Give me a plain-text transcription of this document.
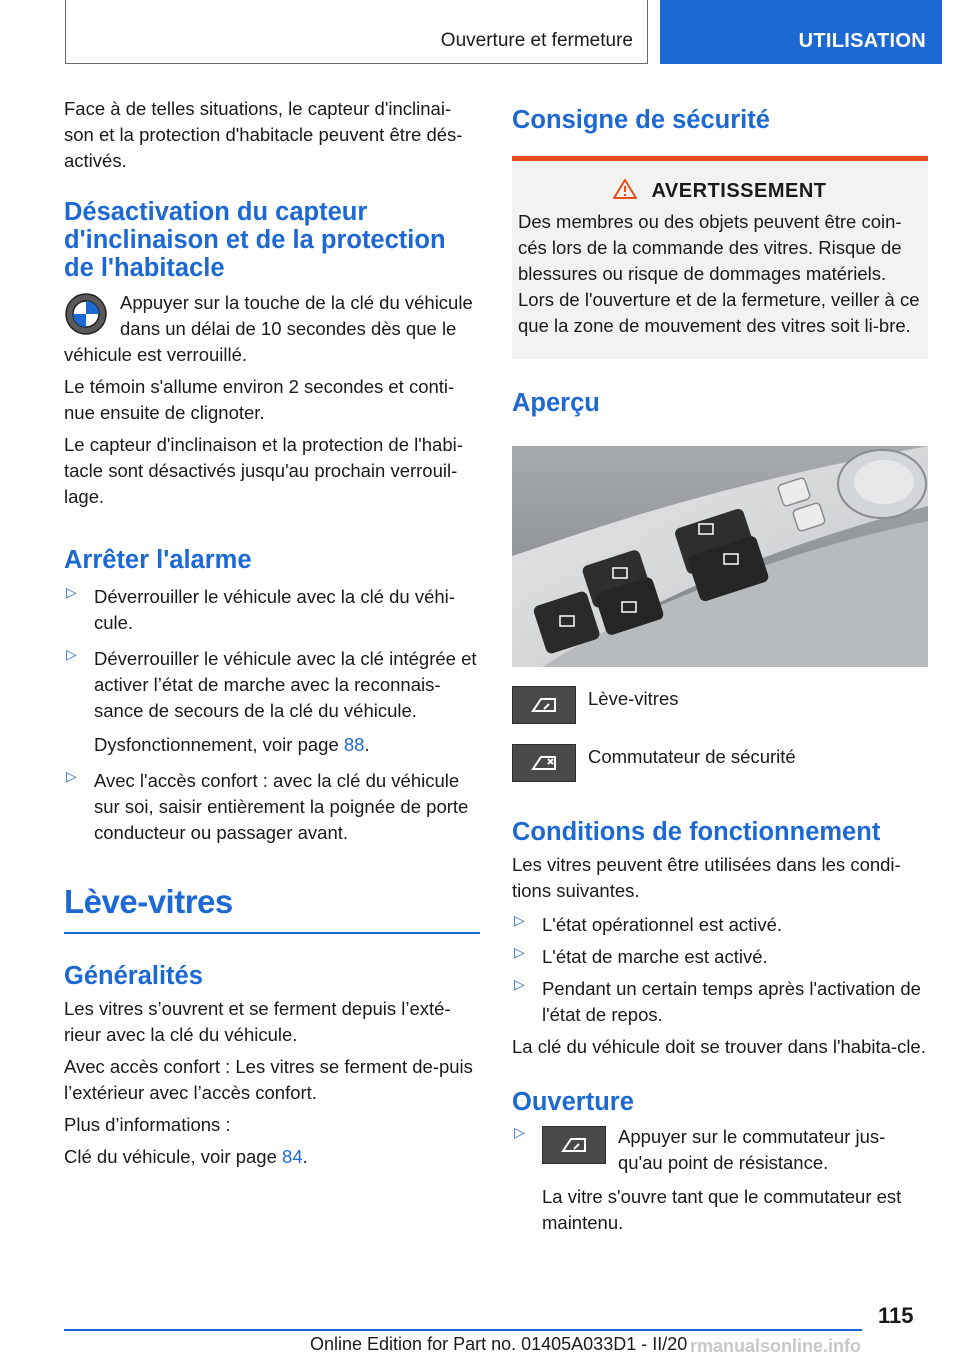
Ouverture et fermeture	UTILISATION

Face à de telles situations, le capteur d'inclinai-son et la protection d'habitacle peuvent être dés-activés.

Désactivation du capteur d'inclinaison et de la protection de l'habitacle

Appuyer sur la touche de la clé du véhicule dans un délai de 10 secondes dès que le véhicule est verrouillé.

Le témoin s'allume environ 2 secondes et conti-nue ensuite de clignoter.

Le capteur d'inclinaison et la protection de l'habi-tacle sont désactivés jusqu'au prochain verrouil-lage.

Arrêter l'alarme
▷ Déverrouiller le véhicule avec la clé du véhi-cule.

▷ Déverrouiller le véhicule avec la clé intégrée et activer l’état de marche avec la reconnais-sance de secours de la clé du véhicule.

Dysfonctionnement, voir page 88.

▷ Avec l'accès confort : avec la clé du véhicule sur soi, saisir entièrement la poignée de porte conducteur ou passager avant.

Lève-vitres
Généralités

Les vitres s’ouvrent et se ferment depuis l’exté-rieur avec la clé du véhicule.

Avec accès confort : Les vitres se ferment de-puis l’extérieur avec l’accès confort.

Plus d’informations :

Clé du véhicule, voir page 84.

Consigne de sécurité
AVERTISSEMENT

Des membres ou des objets peuvent être coin-cés lors de la commande des vitres. Risque de blessures ou risque de dommages matériels. Lors de l'ouverture et de la fermeture, veiller à ce que la zone de mouvement des vitres soit li-bre.

Aperçu

Lève-vitres

Commutateur de sécurité

Conditions de fonctionnement

Les vitres peuvent être utilisées dans les condi-tions suivantes.

▷ L'état opérationnel est activé.

▷ L'état de marche est activé.

▷ Pendant un certain temps après l'activation de l'état de repos.

La clé du véhicule doit se trouver dans l'habita-cle.

Ouverture
▷	Appuyer sur le commutateur jus-qu'au point de résistance.

La vitre s'ouvre tant que le commutateur est maintenu.

115
Online Edition for Part no. 01405A033D1 - II/20 rmanualsonline.info
